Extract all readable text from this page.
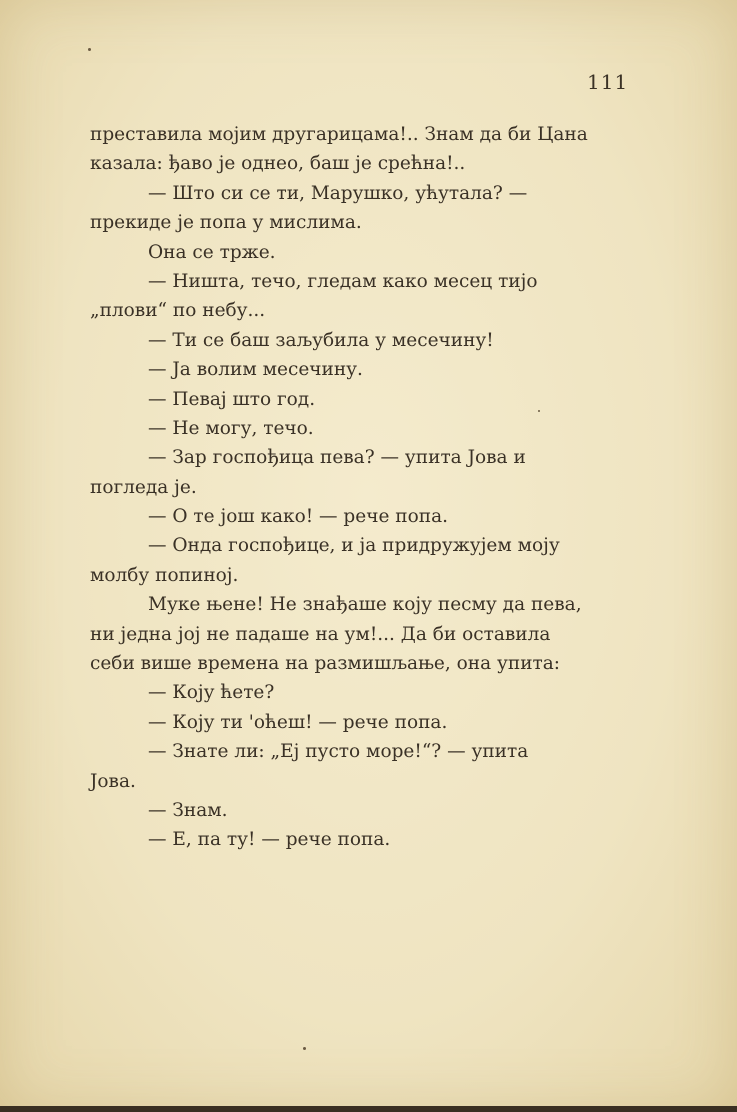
111
преставила мојим другарицама!.. Знам да би Цана
казала: ђаво је однео, баш је срећна!..
— Што си се ти, Марушко, ућутала? —
прекиде је попа у мислима.
Она се трже.
— Ништа, течо, гледам како месец тијо
„плови“ по небу...
— Ти се баш заљубила у месечину!
— Ја волим месечину.
— Певај што год.
— Не могу, течо.
— Зар госпођица пева? — упита Јова и
погледа је.
— О те још како! — рече попа.
— Онда госпођице, и ја придружујем моју
молбу попиној.
Муке њене! Не знађаше коју песму да пева,
ни једна јој не падаше на ум!... Да би оставила
себи више времена на размишљање, она упита:
— Коју ћете?
— Коју ти 'оћеш! — рече попа.
— Знате ли: „Еј пусто море!“? — упита
Јова.
— Знам.
— Е, па ту! — рече попа.
